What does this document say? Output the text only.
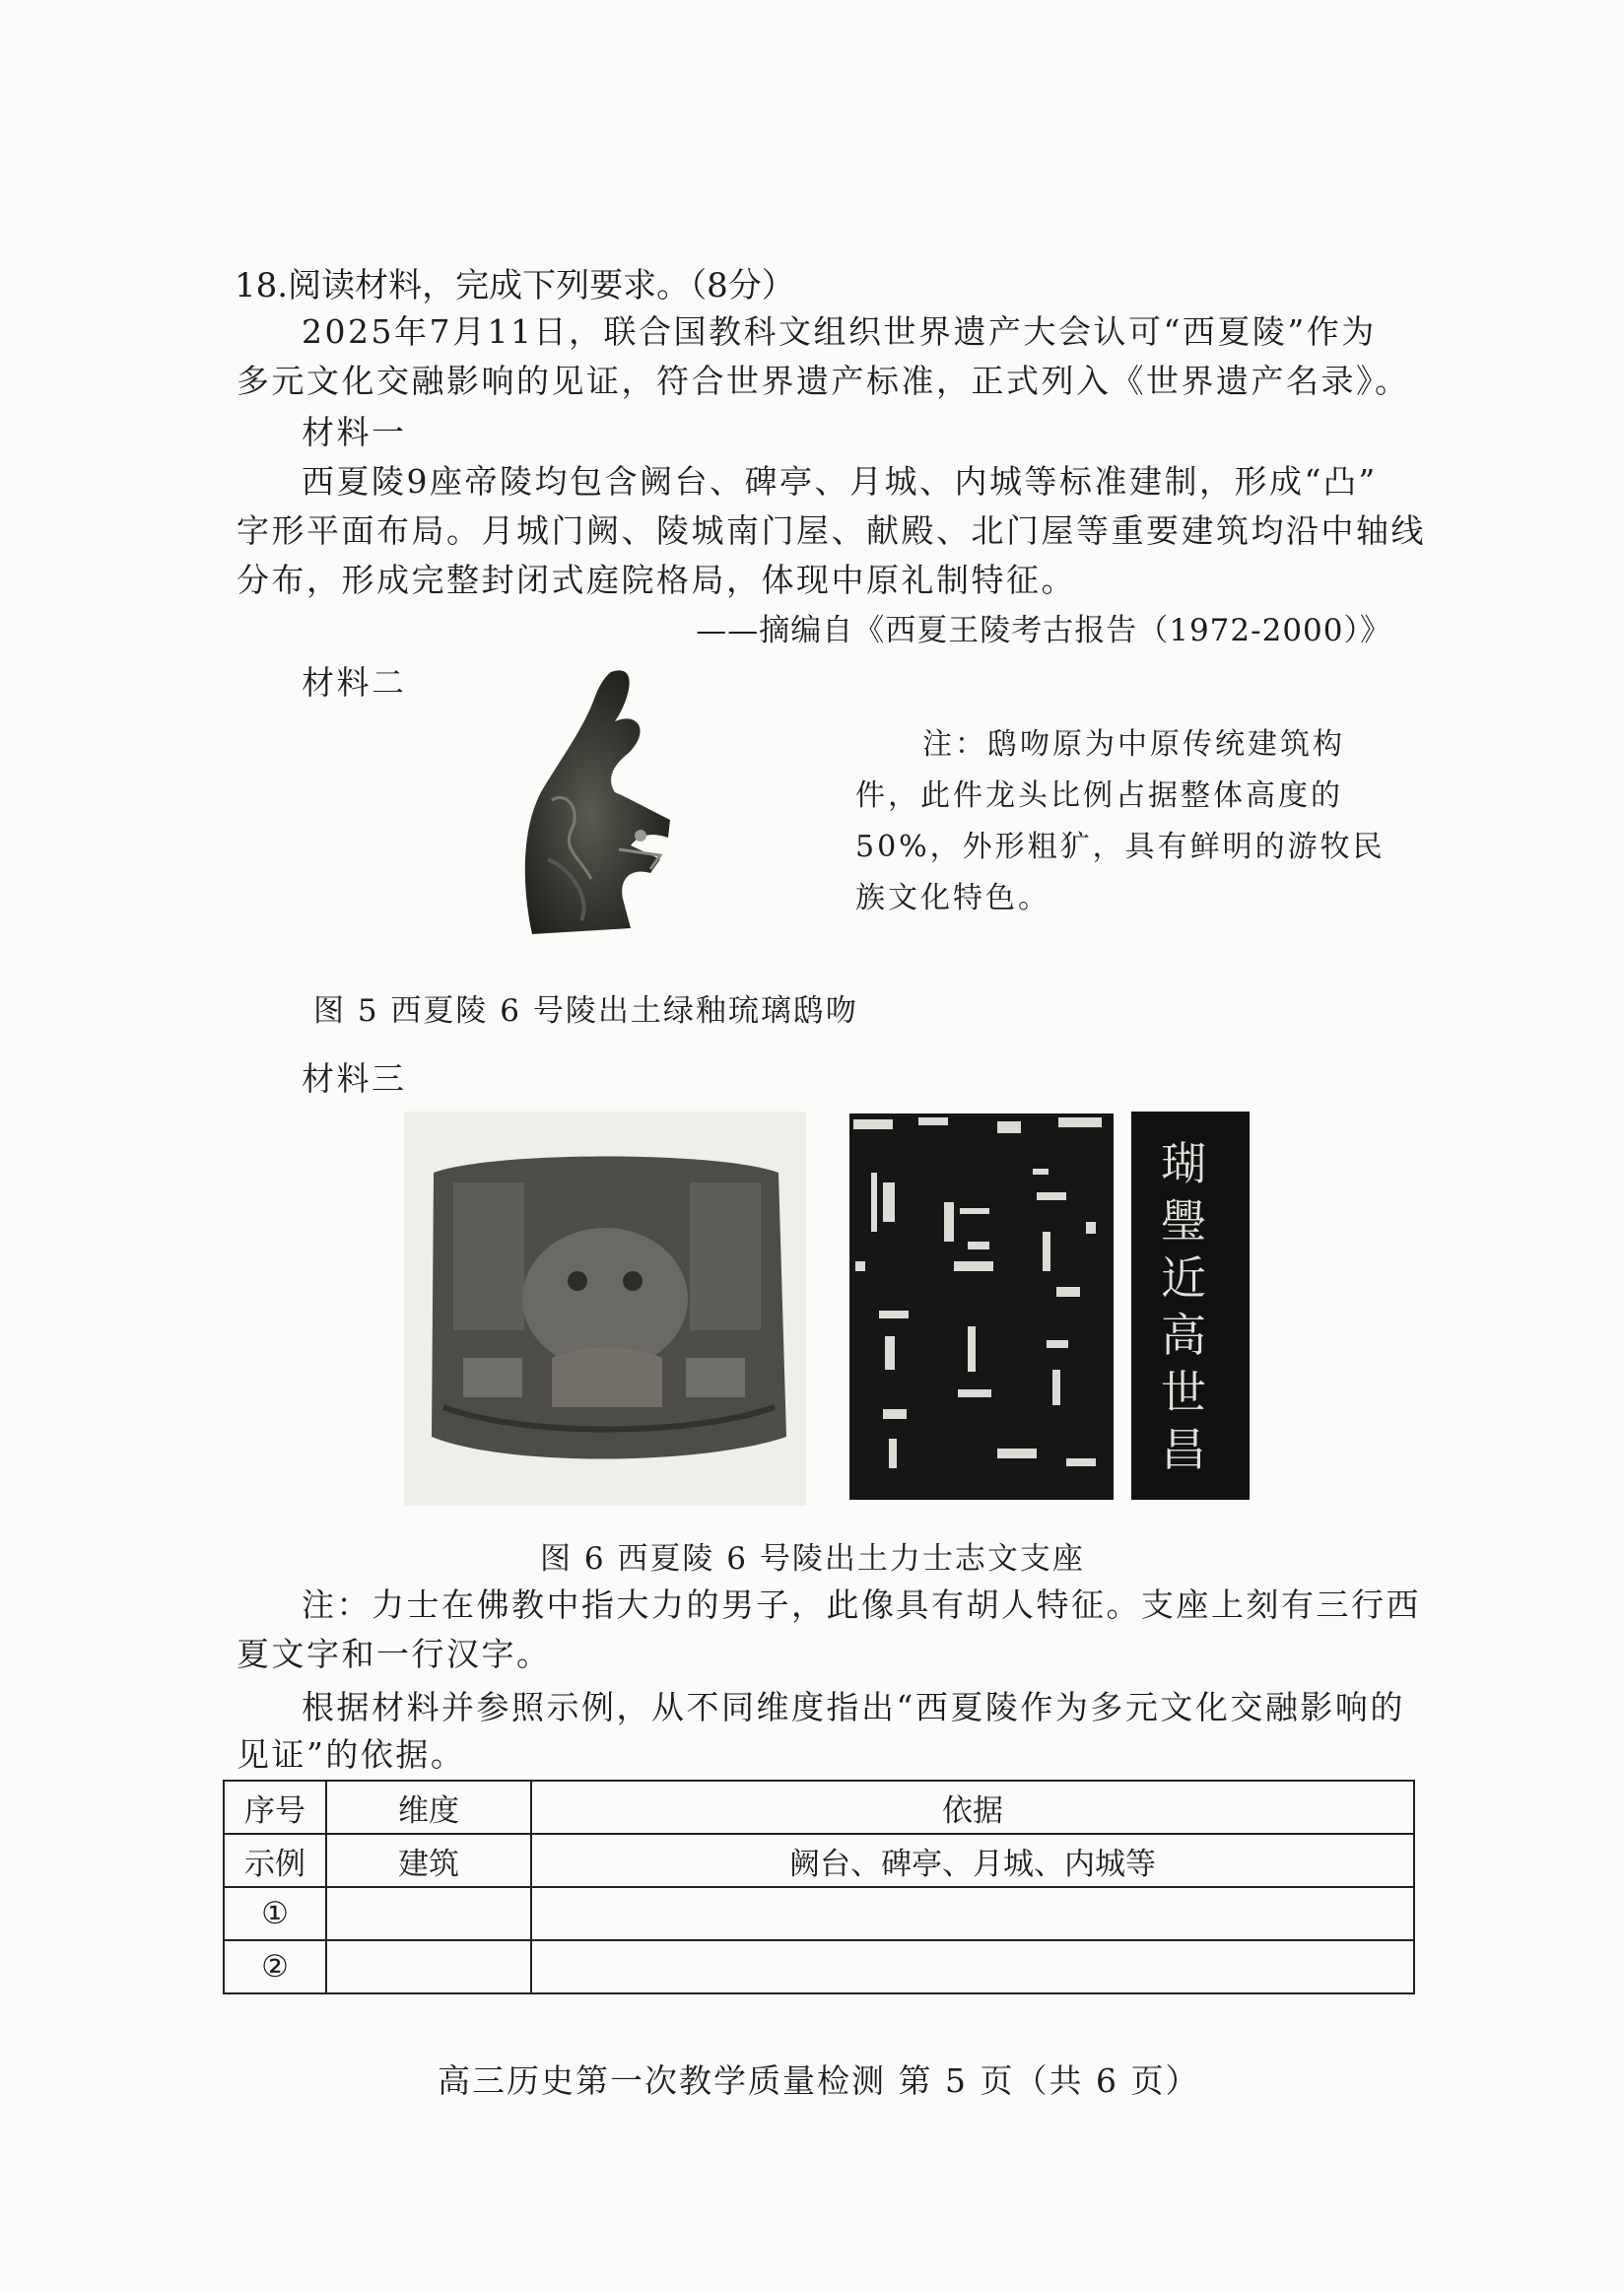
18.阅读材料，完成下列要求。（8分）
2025年7月11日，联合国教科文组织世界遗产大会认可“西夏陵”作为
多元文化交融影响的见证，符合世界遗产标准，正式列入《世界遗产名录》。
材料一
西夏陵9座帝陵均包含阙台、碑亭、月城、内城等标准建制，形成“凸”
字形平面布局。月城门阙、陵城南门屋、献殿、北门屋等重要建筑均沿中轴线
分布，形成完整封闭式庭院格局，体现中原礼制特征。
——摘编自《西夏王陵考古报告（1972-2000）》
材料二
注：鸱吻原为中原传统建筑构
件，此件龙头比例占据整体高度的
50%，外形粗犷，具有鲜明的游牧民
族文化特色。
图 5 西夏陵 6 号陵出土绿釉琉璃鸱吻
材料三
瑚璺近高世昌
图 6 西夏陵 6 号陵出土力士志文支座
注：力士在佛教中指大力的男子，此像具有胡人特征。支座上刻有三行西
夏文字和一行汉字。
根据材料并参照示例，从不同维度指出“西夏陵作为多元文化交融影响的
见证”的依据。
序号	维度	依据
示例	建筑	阙台、碑亭、月城、内城等
①		
②		
高三历史第一次教学质量检测 第 5 页（共 6 页）
